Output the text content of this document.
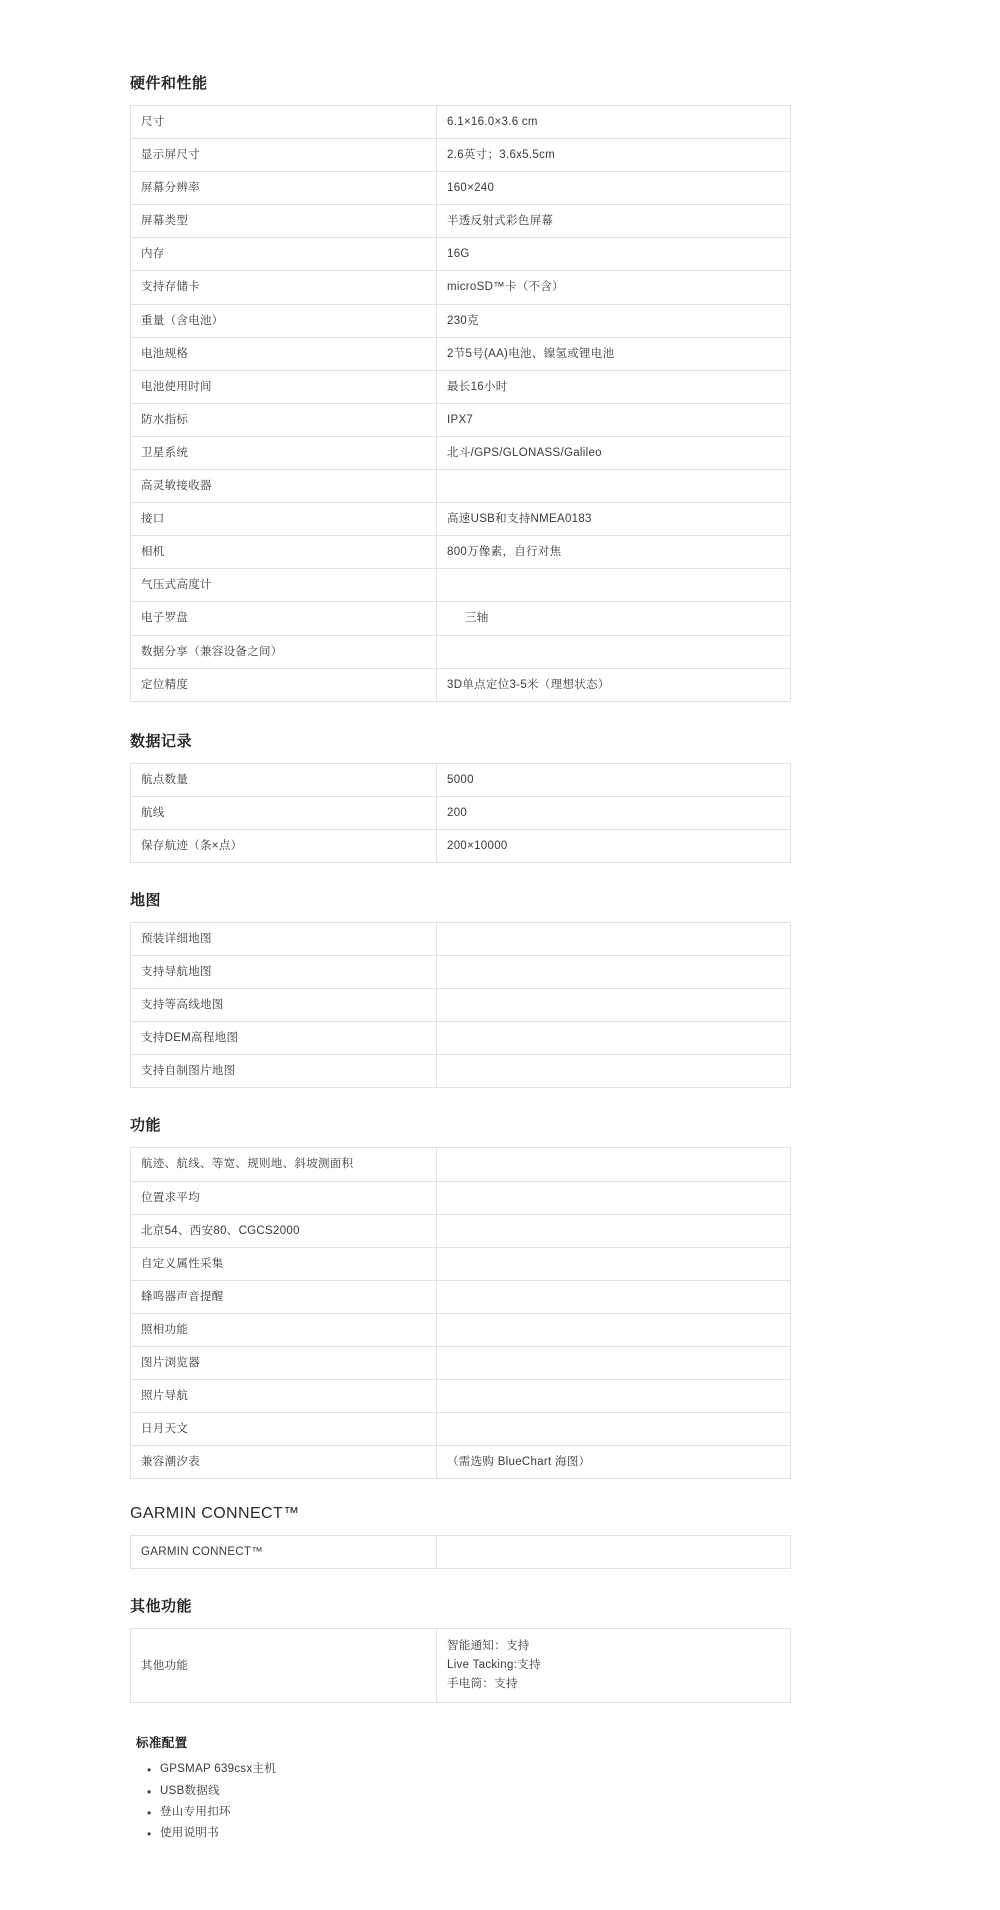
硬件和性能
尺寸	6.1×16.0×3.6 cm
显示屏尺寸	2.6英寸；3.6x5.5cm
屏幕分辨率	160×240
屏幕类型	半透反射式彩色屏幕
内存	16G
支持存储卡	microSD™卡（不含）
重量（含电池）	230克
电池规格	2节5号(AA)电池、镍氢或锂电池
电池使用时间	最长16小时
防水指标	IPX7
卫星系统	北斗/GPS/GLONASS/Galileo
高灵敏接收器	
接口	高速USB和支持NMEA0183
相机	800万像素，自行对焦
气压式高度计	
电子罗盘	三轴
数据分享（兼容设备之间）	
定位精度	3D单点定位3-5米（理想状态）
数据记录
航点数量	5000
航线	200
保存航迹（条×点）	200×10000
地图
预装详细地图	
支持导航地图	
支持等高线地图	
支持DEM高程地图	
支持自制图片地图	
功能
航迹、航线、等宽、规则地、斜坡测面积	
位置求平均	
北京54、西安80、CGCS2000	
自定义属性采集	
蜂鸣器声音提醒	
照相功能	
图片浏览器	
照片导航	
日月天文	
兼容潮汐表	（需选购 BlueChart 海图）
GARMIN CONNECT™
GARMIN CONNECT™	
其他功能
其他功能	
智能通知：支持
Live Tacking:支持
手电筒：支持
标准配置
• GPSMAP 639csx主机
• USB数据线
• 登山专用扣环
• 使用说明书
